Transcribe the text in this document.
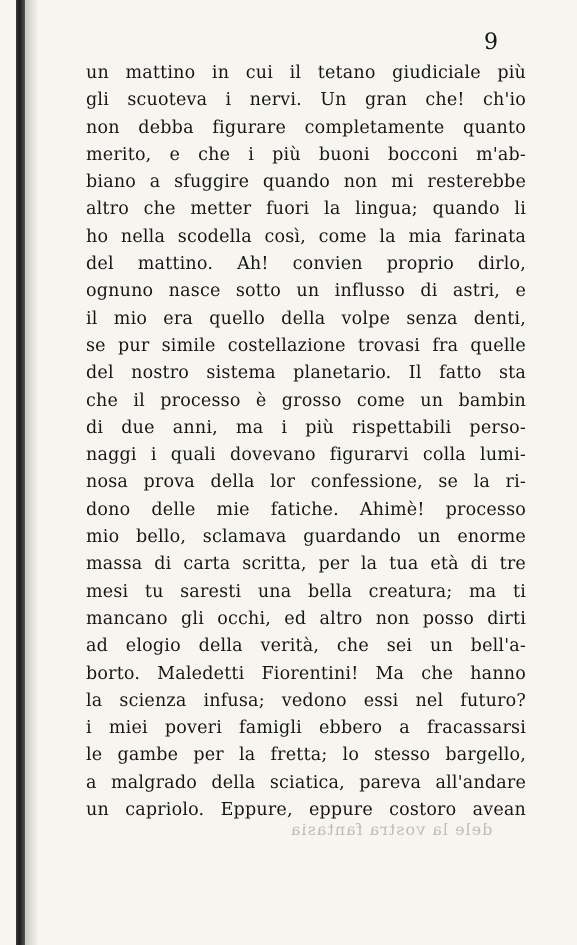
9
un mattino in cui il tetano giudiciale più
gli scuoteva i nervi. Un gran che! ch'io
non debba figurare completamente quanto
merito, e che i più buoni bocconi m'ab-
biano a sfuggire quando non mi resterebbe
altro che metter fuori la lingua; quando li
ho nella scodella così, come la mia farinata
del mattino. Ah! convien proprio dirlo,
ognuno nasce sotto un influsso di astri, e
il mio era quello della volpe senza denti,
se pur simile costellazione trovasi fra quelle
del nostro sistema planetario. Il fatto sta
che il processo è grosso come un bambin
di due anni, ma i più rispettabili perso-
naggi i quali dovevano figurarvi colla lumi-
nosa prova della lor confessione, se la ri-
dono delle mie fatiche. Ahimè! processo
mio bello, sclamava guardando un enorme
massa di carta scritta, per la tua età di tre
mesi tu saresti una bella creatura; ma ti
mancano gli occhi, ed altro non posso dirti
ad elogio della verità, che sei un bell'a-
borto. Maledetti Fiorentini! Ma che hanno
la scienza infusa; vedono essi nel futuro?
i miei poveri famigli ebbero a fracassarsi
le gambe per la fretta; lo stesso bargello,
a malgrado della sciatica, pareva all'andare
un capriolo. Eppure, eppure costoro avean
dele la vostra fantasia
